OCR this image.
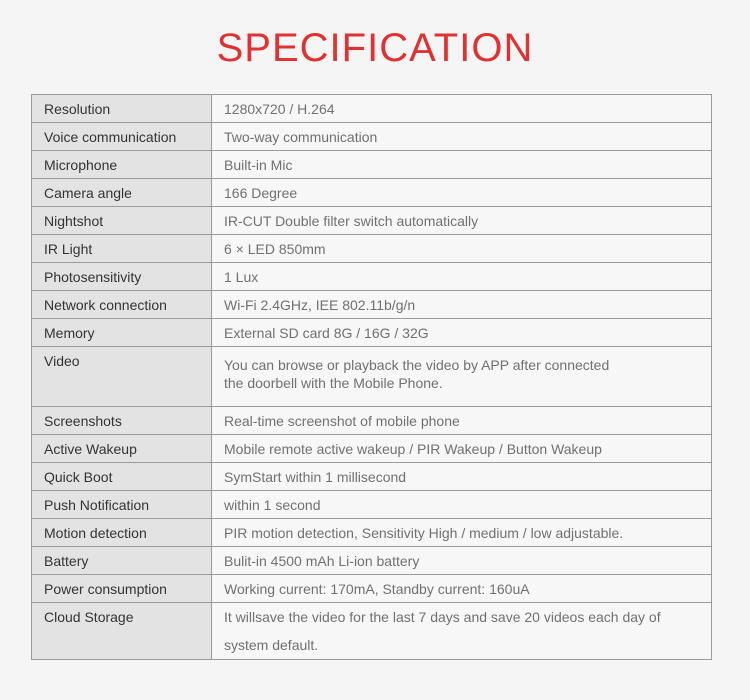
SPECIFICATION
Resolution	1280x720 / H.264
Voice communication	Two-way communication
Microphone	Built-in Mic
Camera angle	166 Degree
Nightshot	IR-CUT Double filter switch automatically
IR Light	6 × LED 850mm
Photosensitivity	1 Lux
Network connection	Wi-Fi 2.4GHz, IEE 802.11b/g/n
Memory	External SD card 8G / 16G / 32G
Video	You can browse or playback the video by APP after connected
the doorbell with the Mobile Phone.

Screenshots	Real-time screenshot of mobile phone
Active Wakeup	Mobile remote active wakeup / PIR Wakeup / Button Wakeup
Quick Boot	SymStart within 1 millisecond
Push Notification	within 1 second
Motion detection	PIR motion detection, Sensitivity High / medium / low adjustable.
Battery	Bulit-in 4500 mAh Li-ion battery
Power consumption	Working current: 170mA, Standby current: 160uA
Cloud Storage	It willsave the video for the last 7 days and save 20 videos each day of
system default.
